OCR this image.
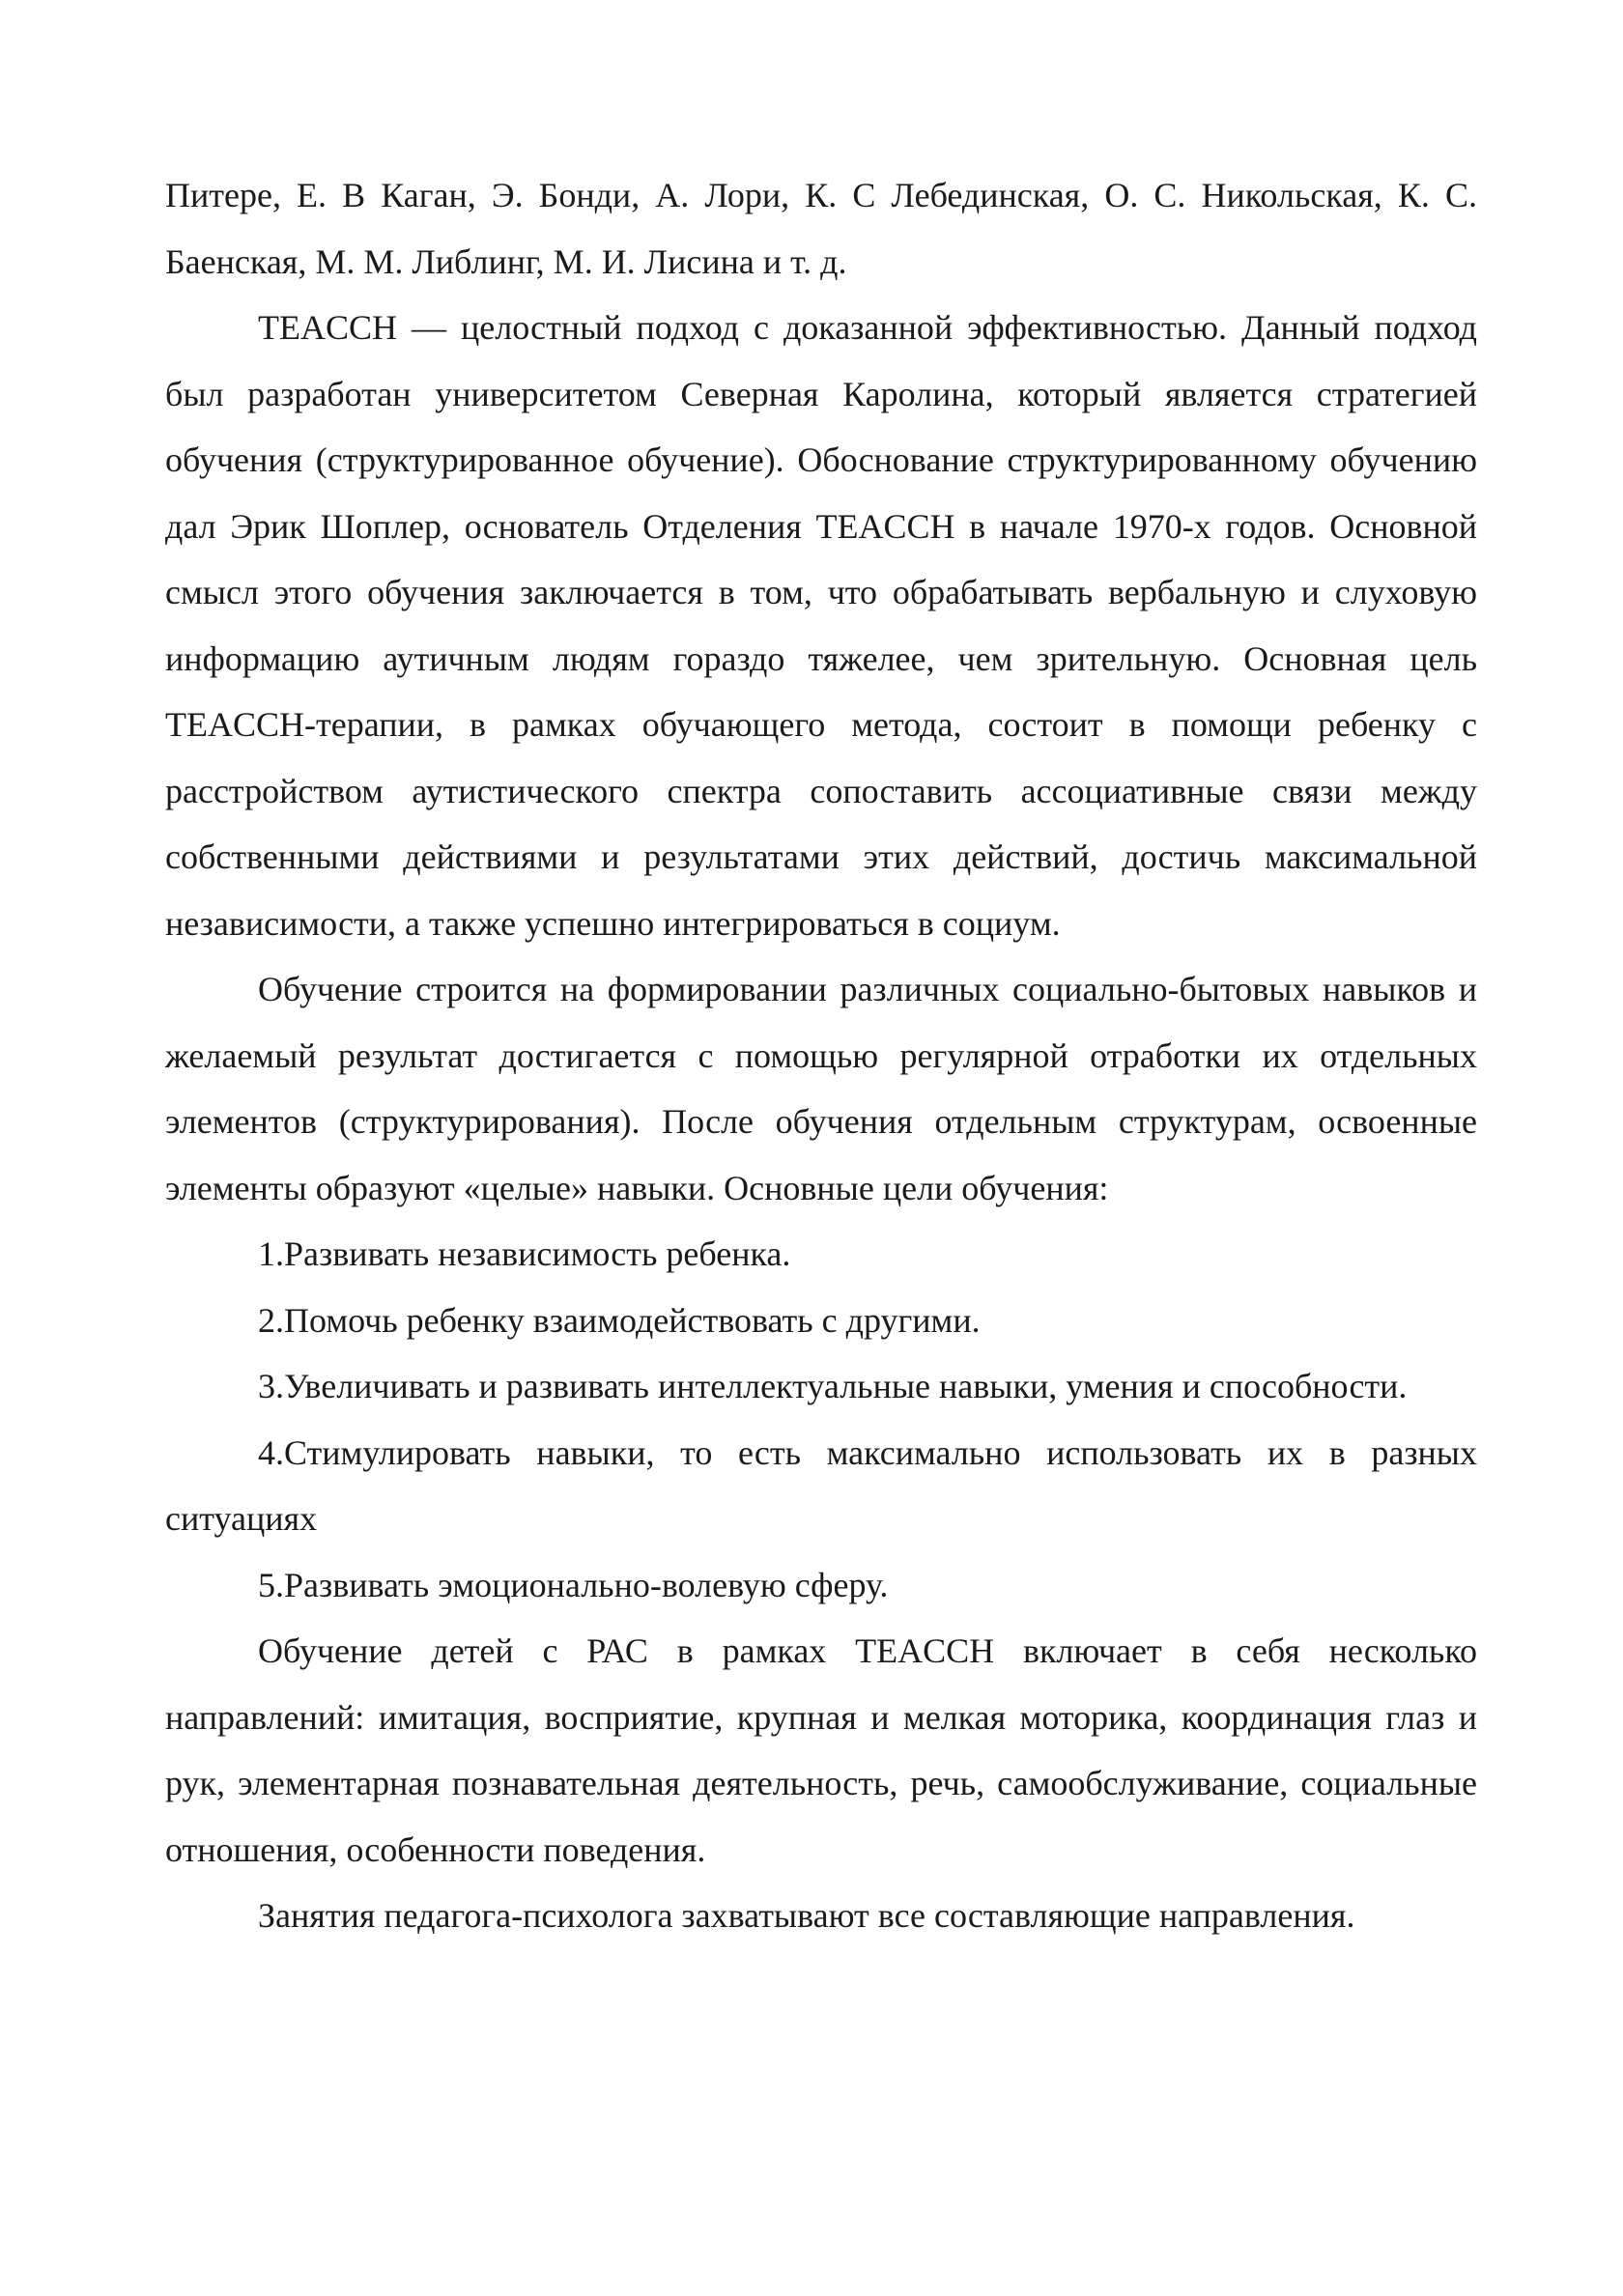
Питере, Е. В Каган, Э. Бонди, А. Лори, К. С Лебединская, О. С. Никольская, К. С. Баенская, М. М. Либлинг, М. И. Лисина и т. д.

TEACCH — целостный подход с доказанной эффективностью. Данный подход был разработан университетом Северная Каролина, который является стратегией обучения (структурированное обучение). Обоснование структурированному обучению дал Эрик Шоплер, основатель Отделения TEACCH в начале 1970-х годов. Основной смысл этого обучения заключается в том, что обрабатывать вербальную и слуховую информацию аутичным людям гораздо тяжелее, чем зрительную. Основная цель TEACCH-терапии, в рамках обучающего метода, состоит в помощи ребенку с расстройством аутистического спектра сопоставить ассоциативные связи между собственными действиями и результатами этих действий, достичь максимальной независимости, а также успешно интегрироваться в социум.

Обучение строится на формировании различных социально-бытовых навыков и желаемый результат достигается с помощью регулярной отработки их отдельных элементов (структурирования). После обучения отдельным структурам, освоенные элементы образуют «целые» навыки. Основные цели обучения:

1.Развивать независимость ребенка.

2.Помочь ребенку взаимодействовать с другими.

3.Увеличивать и развивать интеллектуальные навыки, умения и способности.

4.Стимулировать навыки, то есть максимально использовать их в разных ситуациях

5.Развивать эмоционально-волевую сферу.

Обучение детей с РАС в рамках TEACCH включает в себя несколько направлений: имитация, восприятие, крупная и мелкая моторика, координация глаз и рук, элементарная познавательная деятельность, речь, самообслуживание, социальные отношения, особенности поведения.

Занятия педагога-психолога захватывают все составляющие направления.
